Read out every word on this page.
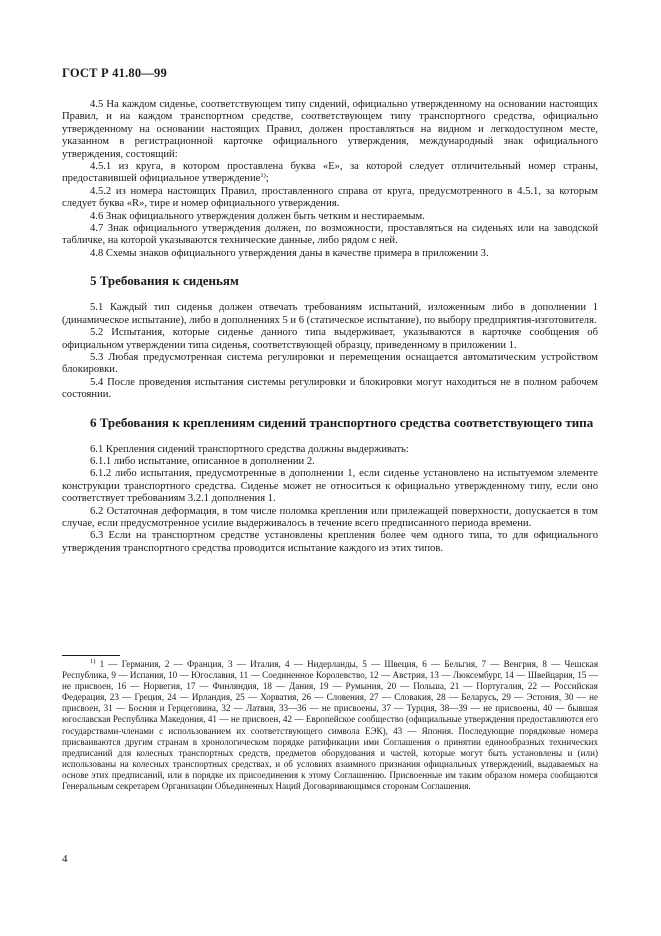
ГОСТ Р 41.80—99

4.5 На каждом сиденье, соответствующем типу сидений, официально утвержденному на основании настоящих Правил, и на каждом транспортном средстве, соответствующем типу транспортного средства, официально утвержденному на основании настоящих Правил, должен проставляться на видном и легкодоступном месте, указанном в регистрационной карточке официального утверждения, международный знак официального утверждения, состоящий:

4.5.1 из круга, в котором проставлена буква «E», за которой следует отличительный номер страны, предоставившей официальное утверждение$^{1)}$;

4.5.2 из номера настоящих Правил, проставленного справа от круга, предусмотренного в 4.5.1, за которым следует буква «R», тире и номер официального утверждения.

4.6 Знак официального утверждения должен быть четким и нестираемым.

4.7 Знак официального утверждения должен, по возможности, проставляться на сиденьях или на заводской табличке, на которой указываются технические данные, либо рядом с ней.

4.8 Схемы знаков официального утверждения даны в качестве примера в приложении 3.

5 Требования к сиденьям

5.1 Каждый тип сиденья должен отвечать требованиям испытаний, изложенным либо в дополнении 1 (динамическое испытание), либо в дополнениях 5 и 6 (статическое испытание), по выбору предприятия-изготовителя.

5.2 Испытания, которые сиденье данного типа выдерживает, указываются в карточке сообщения об официальном утверждении типа сиденья, соответствующей образцу, приведенному в приложении 1.

5.3 Любая предусмотренная система регулировки и перемещения оснащается автоматическим устройством блокировки.

5.4 После проведения испытания системы регулировки и блокировки могут находиться не в полном рабочем состоянии.

6 Требования к креплениям сидений транспортного средства соответствующего типа

6.1 Крепления сидений транспортного средства должны выдерживать:

6.1.1 либо испытание, описанное в дополнении 2.

6.1.2 либо испытания, предусмотренные в дополнении 1, если сиденье установлено на испытуемом элементе конструкции транспортного средства. Сиденье может не относиться к официально утвержденному типу, если оно соответствует требованиям 3.2.1 дополнения 1.

6.2 Остаточная деформация, в том числе поломка крепления или прилежащей поверхности, допускается в том случае, если предусмотренное усилие выдерживалось в течение всего предписанного периода времени.

6.3 Если на транспортном средстве установлены крепления более чем одного типа, то для официального утверждения транспортного средства проводится испытание каждого из этих типов.

$^{1)}$ 1 — Германия, 2 — Франция, 3 — Италия, 4 — Нидерланды, 5 — Швеция, 6 — Бельгия, 7 — Венгрия, 8 — Чешская Республика, 9 — Испания, 10 — Югославия, 11 — Соединенное Королевство, 12 — Австрия, 13 — Люксембург, 14 — Швейцария, 15 — не присвоен, 16 — Норвегия, 17 — Финляндия, 18 — Дания, 19 — Румыния, 20 — Польша, 21 — Португалия, 22 — Российская Федерация, 23 — Греция, 24 — Ирландия, 25 — Хорватия, 26 — Словения, 27 — Словакия, 28 — Беларусь, 29 — Эстония, 30 — не присвоен, 31 — Босния и Герцеговина, 32 — Латвия, 33—36 — не присвоены, 37 — Турция, 38—39 — не присвоены, 40 — бывшая югославская Республика Македония, 41 — не присвоен, 42 — Европейское сообщество (официальные утверждения предоставляются его государствами-членами с использованием их соответствующего символа ЕЭК), 43 — Япония. Последующие порядковые номера присваиваются другим странам в хронологическом порядке ратификации ими Соглашения о принятии единообразных технических предписаний для колесных транспортных средств, предметов оборудования и частей, которые могут быть установлены и (или) использованы на колесных транспортных средствах, и об условиях взаимного признания официальных утверждений, выдаваемых на основе этих предписаний, или в порядке их присоединения к этому Соглашению. Присвоенные им таким образом номера сообщаются Генеральным секретарем Организации Объединенных Наций Договаривающимся сторонам Соглашения.

4
